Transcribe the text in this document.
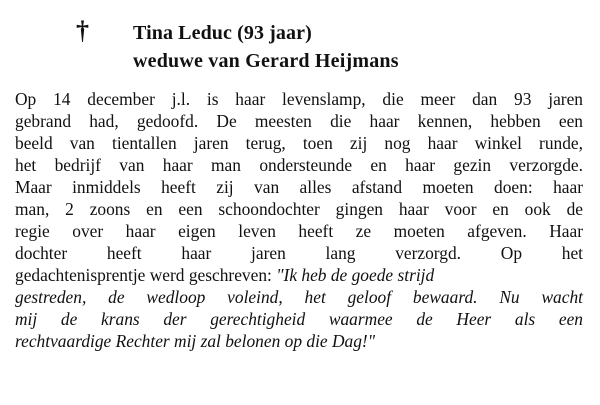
† Tina Leduc (93 jaar)
weduwe van Gerard Heijmans
Op 14 december j.l. is haar levenslamp, die meer dan 93 jaren
gebrand had, gedoofd. De meesten die haar kennen, hebben een
beeld van tientallen jaren terug, toen zij nog haar winkel runde,
het bedrijf van haar man ondersteunde en haar gezin verzorgde.
Maar inmiddels heeft zij van alles afstand moeten doen: haar
man, 2 zoons en een schoondochter gingen haar voor en ook de
regie over haar eigen leven heeft ze moeten afgeven. Haar
dochter heeft haar jaren lang verzorgd. Op het
gedachtenisprentje werd geschreven: "Ik heb de goede strijd
gestreden, de wedloop voleind, het geloof bewaard. Nu wacht
mij de krans der gerechtigheid waarmee de Heer als een
rechtvaardige Rechter mij zal belonen op die Dag!"
